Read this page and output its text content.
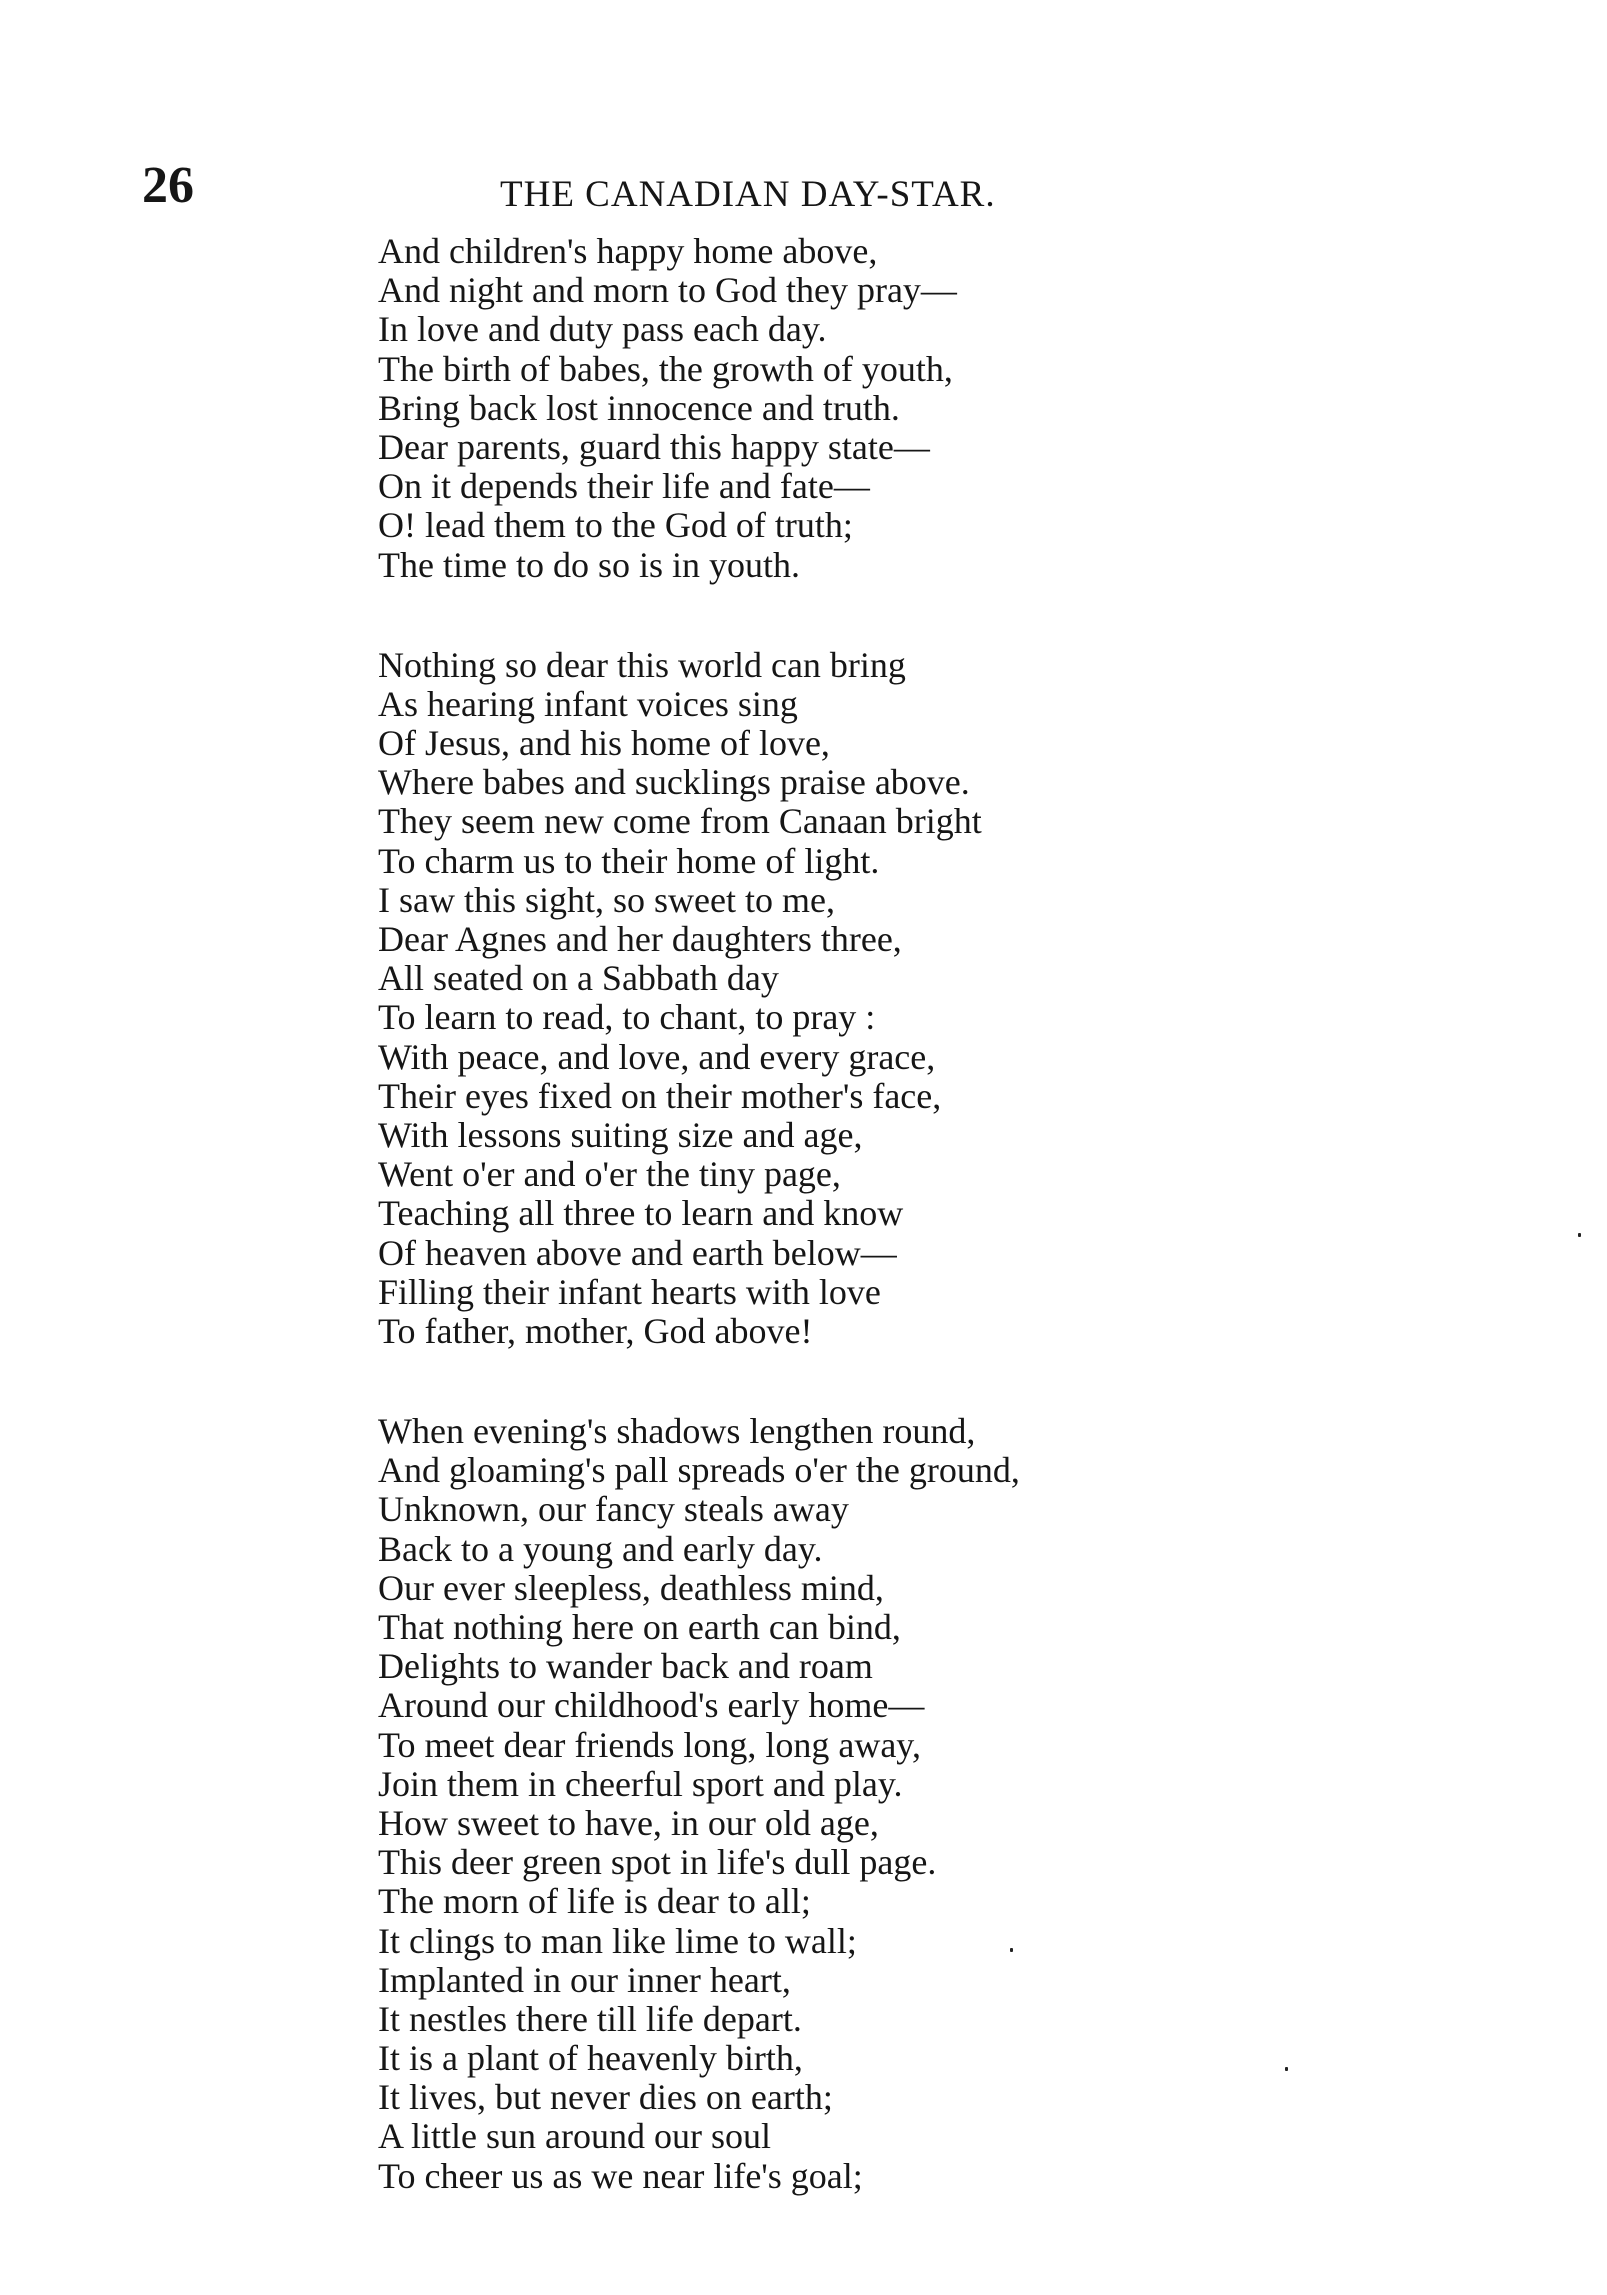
26	THE CANADIAN DAY-STAR.
And children's happy home above,
And night and morn to God they pray—
In love and duty pass each day.
The birth of babes, the growth of youth,
Bring back lost innocence and truth.
Dear parents, guard this happy state—
On it depends their life and fate—
O! lead them to the God of truth;
The time to do so is in youth.
Nothing so dear this world can bring
As hearing infant voices sing
Of Jesus, and his home of love,
Where babes and sucklings praise above.
They seem new come from Canaan bright
To charm us to their home of light.
I saw this sight, so sweet to me,
Dear Agnes and her daughters three,
All seated on a Sabbath day
To learn to read, to chant, to pray :
With peace, and love, and every grace,
Their eyes fixed on their mother's face,
With lessons suiting size and age,
Went o'er and o'er the tiny page,
Teaching all three to learn and know
Of heaven above and earth below—
Filling their infant hearts with love
To father, mother, God above!
When evening's shadows lengthen round,
And gloaming's pall spreads o'er the ground,
Unknown, our fancy steals away
Back to a young and early day.
Our ever sleepless, deathless mind,
That nothing here on earth can bind,
Delights to wander back and roam
Around our childhood's early home—
To meet dear friends long, long away,
Join them in cheerful sport and play.
How sweet to have, in our old age,
This deer green spot in life's dull page.
The morn of life is dear to all;
It clings to man like lime to wall;
Implanted in our inner heart,
It nestles there till life depart.
It is a plant of heavenly birth,
It lives, but never dies on earth;
A little sun around our soul
To cheer us as we near life's goal;
